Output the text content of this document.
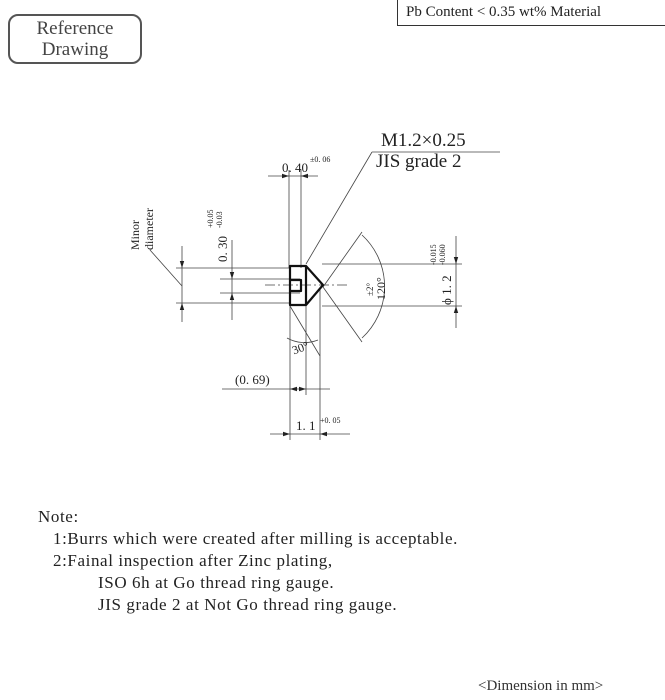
Reference
Drawing
Pb Content < 0.35 wt% Material
M1.2×0.25
JIS grade 2
0. 40
±0. 06
0. 30
+0.05 -0.03
Minor diameter
120°
±2°	ϕ 1. 2
-0.015 -0.060
30°
(0. 69)
1. 1 +0. 05
Note:
1:Burrs which were created after milling is acceptable.
2:Fainal inspection after Zinc plating,
ISO 6h at Go thread ring gauge.
JIS grade 2 at Not Go thread ring gauge.
<Dimension in mm>
